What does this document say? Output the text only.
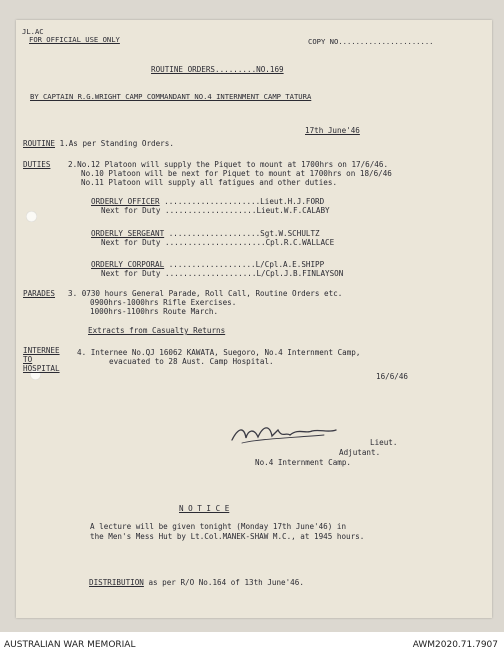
JL.AC
FOR OFFICIAL USE ONLY	COPY NO......................
ROUTINE ORDERS.........NO.169
BY CAPTAIN R.G.WRIGHT CAMP COMMANDANT NO.4 INTERNMENT CAMP TATURA
17th June'46
ROUTINE 1.As per Standing Orders.
DUTIES 2.No.12 Platoon will supply the Piquet to mount at 1700hrs on 17/6/46.
No.10 Platoon will be next for Piquet to mount at 1700hrs on 18/6/46
No.11 Platoon will supply all fatigues and other duties.
ORDERLY OFFICER .....................Lieut.H.J.FORD
Next for Duty ....................Lieut.W.F.CALABY
ORDERLY SERGEANT ....................Sgt.W.SCHULTZ
Next for Duty ......................Cpl.R.C.WALLACE
ORDERLY CORPORAL ...................L/Cpl.A.E.SHIPP
Next for Duty ....................L/Cpl.J.B.FINLAYSON
PARADES 3. 0730 hours General Parade, Roll Call, Routine Orders etc.
0900hrs-1000hrs Rifle Exercises.
1000hrs-1100hrs Route March.
Extracts from Casualty Returns
INTERNEE
TO
HOSPITAL
4. Internee No.QJ 16062 KAWATA, Suegoro, No.4 Internment Camp,
evacuated to 28 Aust. Camp Hospital.
16/6/46
Lieut.
Adjutant.
No.4 Internment Camp.
N O T I C E
A lecture will be given tonight (Monday 17th June'46) in
the Men's Mess Hut by Lt.Col.MANEK-SHAW M.C., at 1945 hours.
DISTRIBUTION as per R/O No.164 of 13th June'46.
AUSTRALIAN WAR MEMORIAL	AWM2020.71.7907
